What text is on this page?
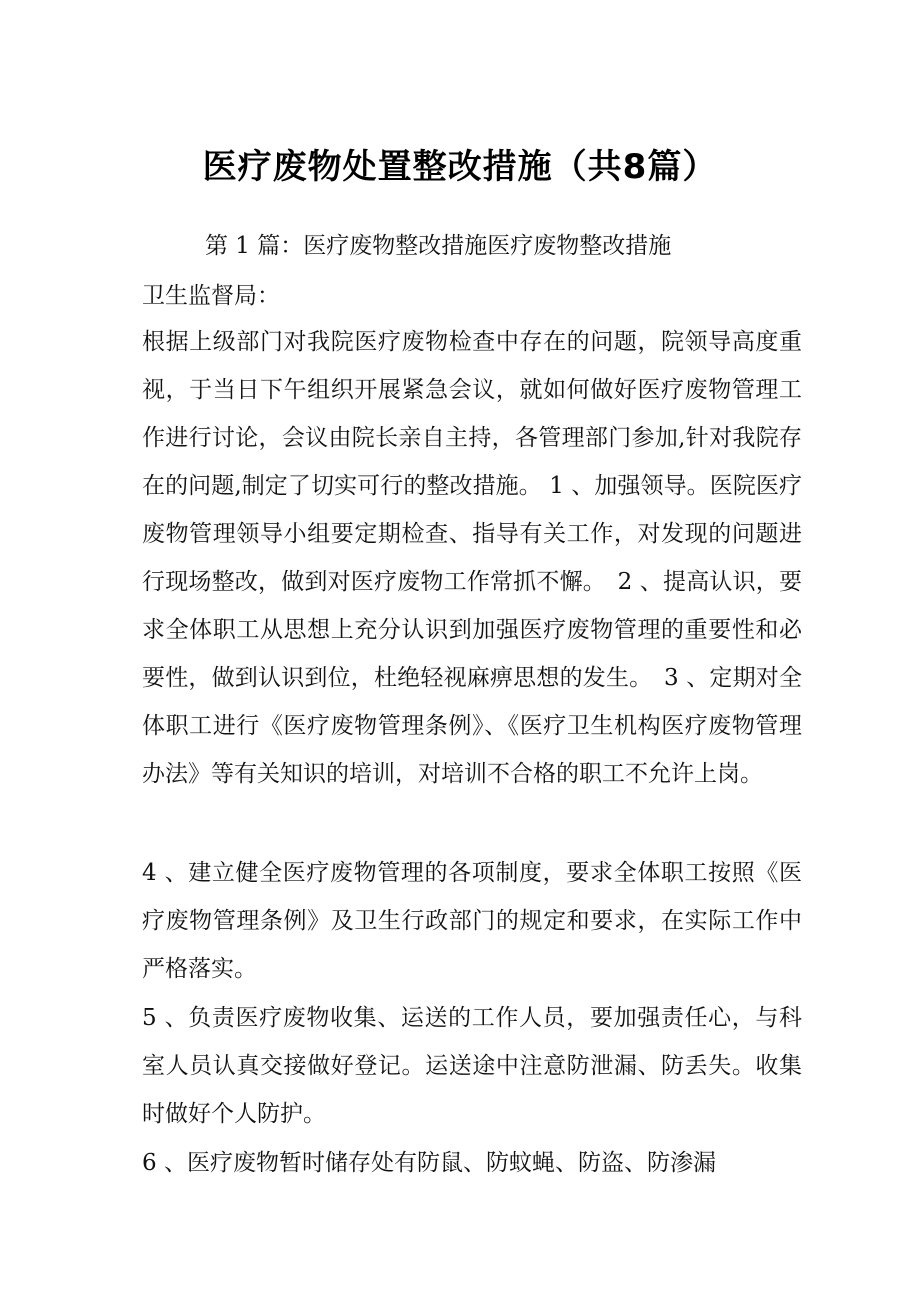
医疗废物处置整改措施（共8篇）

第 1 篇：医疗废物整改措施医疗废物整改措施

卫生监督局：

根据上级部门对我院医疗废物检查中存在的问题，院领导高度重视，于当日下午组织开展紧急会议，就如何做好医疗废物管理工作进行讨论，会议由院长亲自主持，各管理部门参加,针对我院存在的问题,制定了切实可行的整改措施。 1 、加强领导。医院医疗废物管理领导小组要定期检查、指导有关工作，对发现的问题进行现场整改，做到对医疗废物工作常抓不懈。　2 、提高认识，要求全体职工从思想上充分认识到加强医疗废物管理的重要性和必要性，做到认识到位，杜绝轻视麻痹思想的发生。　3 、定期对全体职工进行《医疗废物管理条例》、《医疗卫生机构医疗废物管理办法》等有关知识的培训，对培训不合格的职工不允许上岗。

4 、建立健全医疗废物管理的各项制度，要求全体职工按照《医疗废物管理条例》及卫生行政部门的规定和要求，在实际工作中严格落实。

5 、负责医疗废物收集、运送的工作人员，要加强责任心，与科室人员认真交接做好登记。运送途中注意防泄漏、防丢失。收集时做好个人防护。

6 、医疗废物暂时储存处有防鼠、防蚊蝇、防盗、防渗漏
